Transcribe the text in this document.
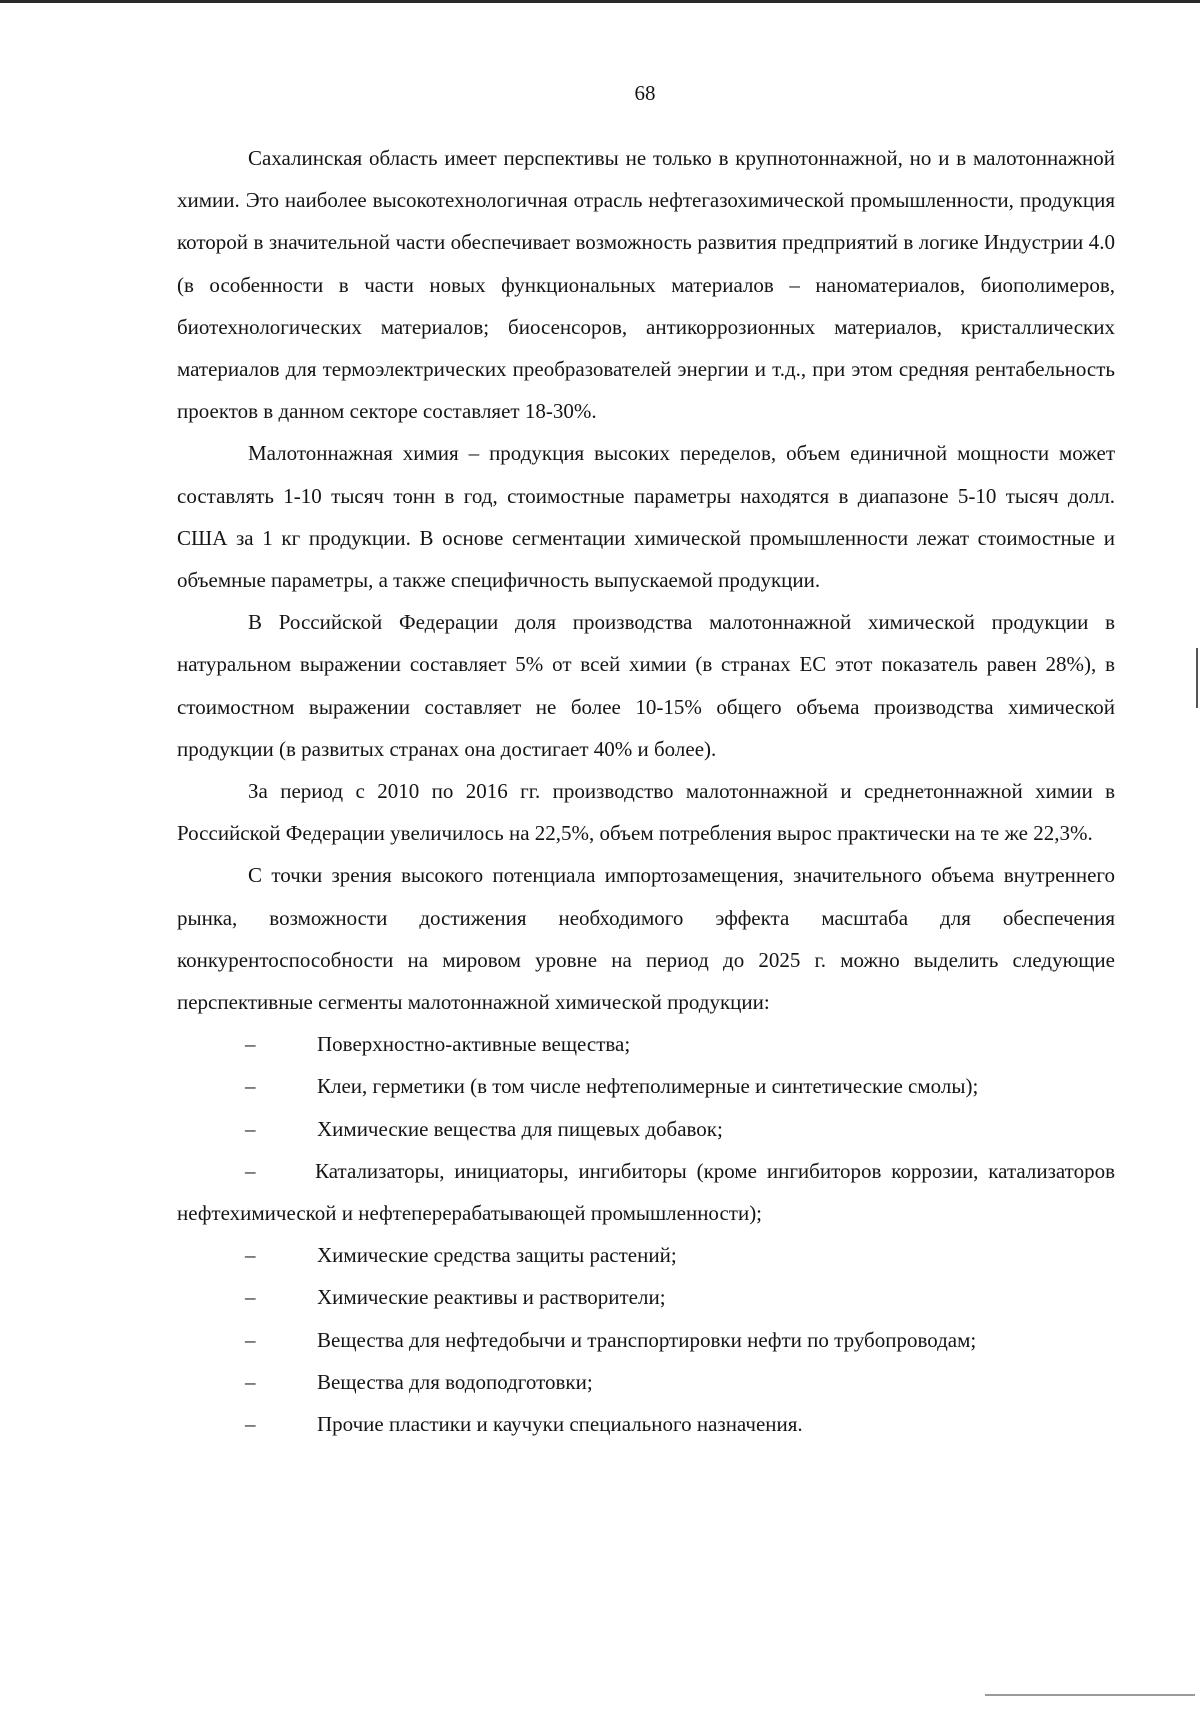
68

Сахалинская область имеет перспективы не только в крупнотоннажной, но и в малотоннажной химии. Это наиболее высокотехнологичная отрасль нефтегазохимической промышленности, продукция которой в значительной части обеспечивает возможность развития предприятий в логике Индустрии 4.0 (в особенности в части новых функциональных материалов – наноматериалов, биополимеров, биотехнологических материалов; биосенсоров, антикоррозионных материалов, кристаллических материалов для термоэлектрических преобразователей энергии и т.д., при этом средняя рентабельность проектов в данном секторе составляет 18-30%.

Малотоннажная химия – продукция высоких переделов, объем единичной мощности может составлять 1-10 тысяч тонн в год, стоимостные параметры находятся в диапазоне 5-10 тысяч долл. США за 1 кг продукции. В основе сегментации химической промышленности лежат стоимостные и объемные параметры, а также специфичность выпускаемой продукции.

В Российской Федерации доля производства малотоннажной химической продукции в натуральном выражении составляет 5% от всей химии (в странах ЕС этот показатель равен 28%), в стоимостном выражении составляет не более 10-15% общего объема производства химической продукции (в развитых странах она достигает 40% и более).

За период с 2010 по 2016 гг. производство малотоннажной и среднетоннажной химии в Российской Федерации увеличилось на 22,5%, объем потребления вырос практически на те же 22,3%.

С точки зрения высокого потенциала импортозамещения, значительного объема внутреннего рынка, возможности достижения необходимого эффекта масштаба для обеспечения конкурентоспособности на мировом уровне на период до 2025 г. можно выделить следующие перспективные сегменты малотоннажной химической продукции:

–	Поверхностно-активные вещества;
–	Клеи, герметики (в том числе нефтеполимерные и синтетические смолы);
–	Химические вещества для пищевых добавок;
–	Катализаторы, инициаторы, ингибиторы (кроме ингибиторов коррозии, катализаторов нефтехимической и нефтеперерабатывающей промышленности);
–	Химические средства защиты растений;
–	Химические реактивы и растворители;
–	Вещества для нефтедобычи и транспортировки нефти по трубопроводам;
–	Вещества для водоподготовки;
–	Прочие пластики и каучуки специального назначения.
